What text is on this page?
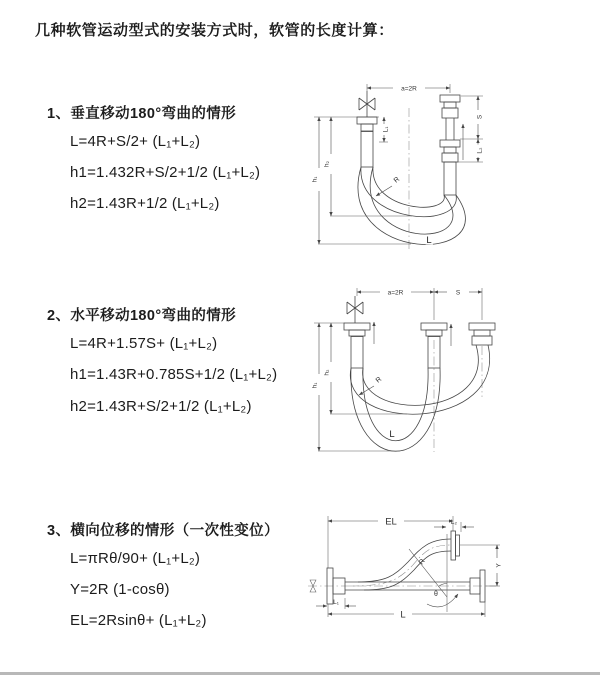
几种软管运动型式的安装方式时，软管的长度计算：
1、垂直移动180°弯曲的情形
L=4R+S/2+ (L₁+L₂)
h1=1.432R+S/2+1/2 (L₁+L₂)
h2=1.43R+1/2 (L₁+L₂)
2、水平移动180°弯曲的情形
L=4R+1.57S+ (L₁+L₂)
h1=1.43R+0.785S+1/2 (L₁+L₂)
h2=1.43R+S/2+1/2 (L₁+L₂)
3、横向位移的情形（一次性变位）
L=πRθ/90+ (L₁+L₂)
Y=2R (1-cosθ)
EL=2Rsinθ+ (L₁+L₂)
a=2R
L₁
S
L₂
R
h₁
h₂
L
a=2R	S
R
h₁
h₂
L
EL	L₂
R
θ
Y
L₁
L
